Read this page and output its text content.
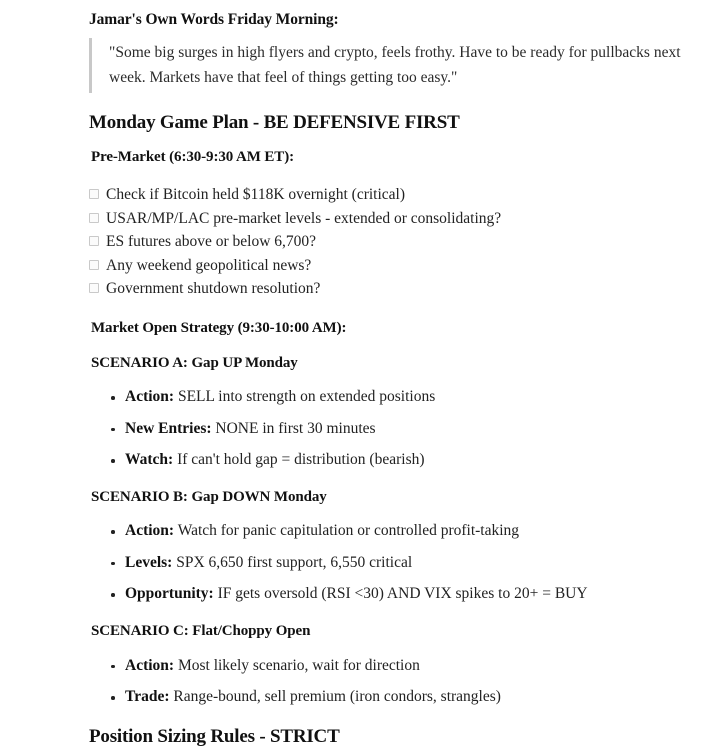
Jamar's Own Words Friday Morning:
"Some big surges in high flyers and crypto, feels frothy. Have to be ready for pullbacks next week. Markets have that feel of things getting too easy."
Monday Game Plan - BE DEFENSIVE FIRST
Pre-Market (6:30-9:30 AM ET):
Check if Bitcoin held $118K overnight (critical)
USAR/MP/LAC pre-market levels - extended or consolidating?
ES futures above or below 6,700?
Any weekend geopolitical news?
Government shutdown resolution?
Market Open Strategy (9:30-10:00 AM):
SCENARIO A: Gap UP Monday
Action: SELL into strength on extended positions
New Entries: NONE in first 30 minutes
Watch: If can't hold gap = distribution (bearish)
SCENARIO B: Gap DOWN Monday
Action: Watch for panic capitulation or controlled profit-taking
Levels: SPX 6,650 first support, 6,550 critical
Opportunity: IF gets oversold (RSI <30) AND VIX spikes to 20+ = BUY
SCENARIO C: Flat/Choppy Open
Action: Most likely scenario, wait for direction
Trade: Range-bound, sell premium (iron condors, strangles)
Position Sizing Rules - STRICT
